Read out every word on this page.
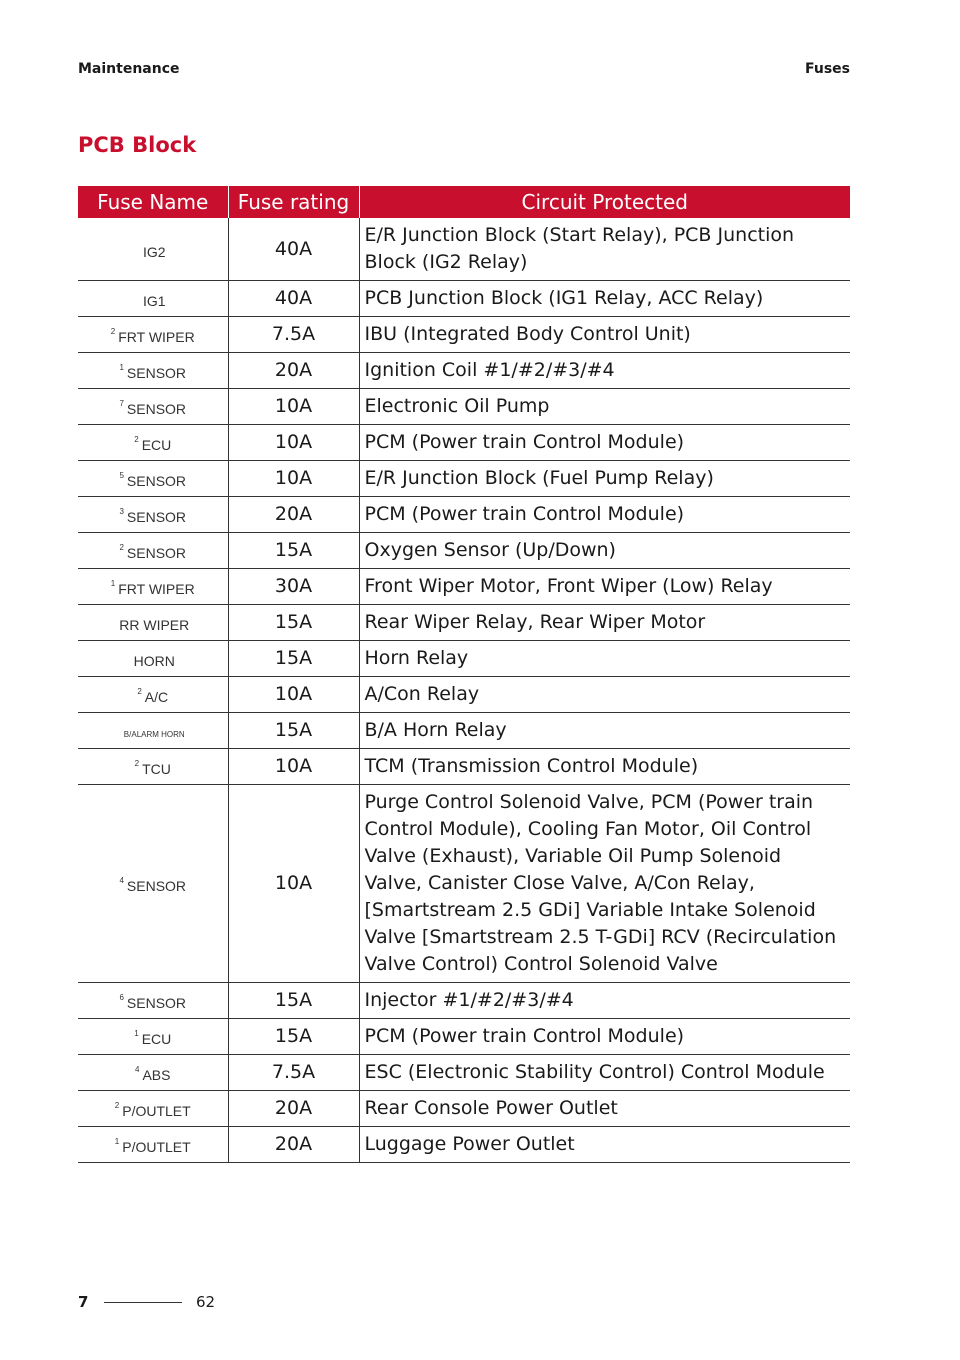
Maintenance	Fuses
PCB Block
Fuse Name	Fuse rating	Circuit Protected
IG2	40A	E/R Junction Block (Start Relay), PCB Junction Block (IG2 Relay)
IG1	40A	PCB Junction Block (IG1 Relay, ACC Relay)
$^2$ FRT WIPER	7.5A	IBU (Integrated Body Control Unit)
$^1$ SENSOR	20A	Ignition Coil #1/#2/#3/#4
$^7$ SENSOR	10A	Electronic Oil Pump
$^2$ ECU	10A	PCM (Power train Control Module)
$^5$ SENSOR	10A	E/R Junction Block (Fuel Pump Relay)
$^3$ SENSOR	20A	PCM (Power train Control Module)
$^2$ SENSOR	15A	Oxygen Sensor (Up/Down)
$^1$ FRT WIPER	30A	Front Wiper Motor, Front Wiper (Low) Relay
RR WIPER	15A	Rear Wiper Relay, Rear Wiper Motor
HORN	15A	Horn Relay
$^2$ A/C	10A	A/Con Relay
B/ALARM HORN	15A	B/A Horn Relay
$^2$ TCU	10A	TCM (Transmission Control Module)
$^4$ SENSOR	10A	Purge Control Solenoid Valve, PCM (Power train Control Module), Cooling Fan Motor, Oil Control Valve (Exhaust), Variable Oil Pump Solenoid Valve, Canister Close Valve, A/Con Relay, [Smartstream 2.5 GDi] Variable Intake Solenoid Valve [Smartstream 2.5 T-GDi] RCV (Recirculation Valve Control) Control Solenoid Valve
$^6$ SENSOR	15A	Injector #1/#2/#3/#4
$^1$ ECU	15A	PCM (Power train Control Module)
$^4$ ABS	7.5A	ESC (Electronic Stability Control) Control Module
$^2$ P/OUTLET	20A	Rear Console Power Outlet
$^1$ P/OUTLET	20A	Luggage Power Outlet
7	62
